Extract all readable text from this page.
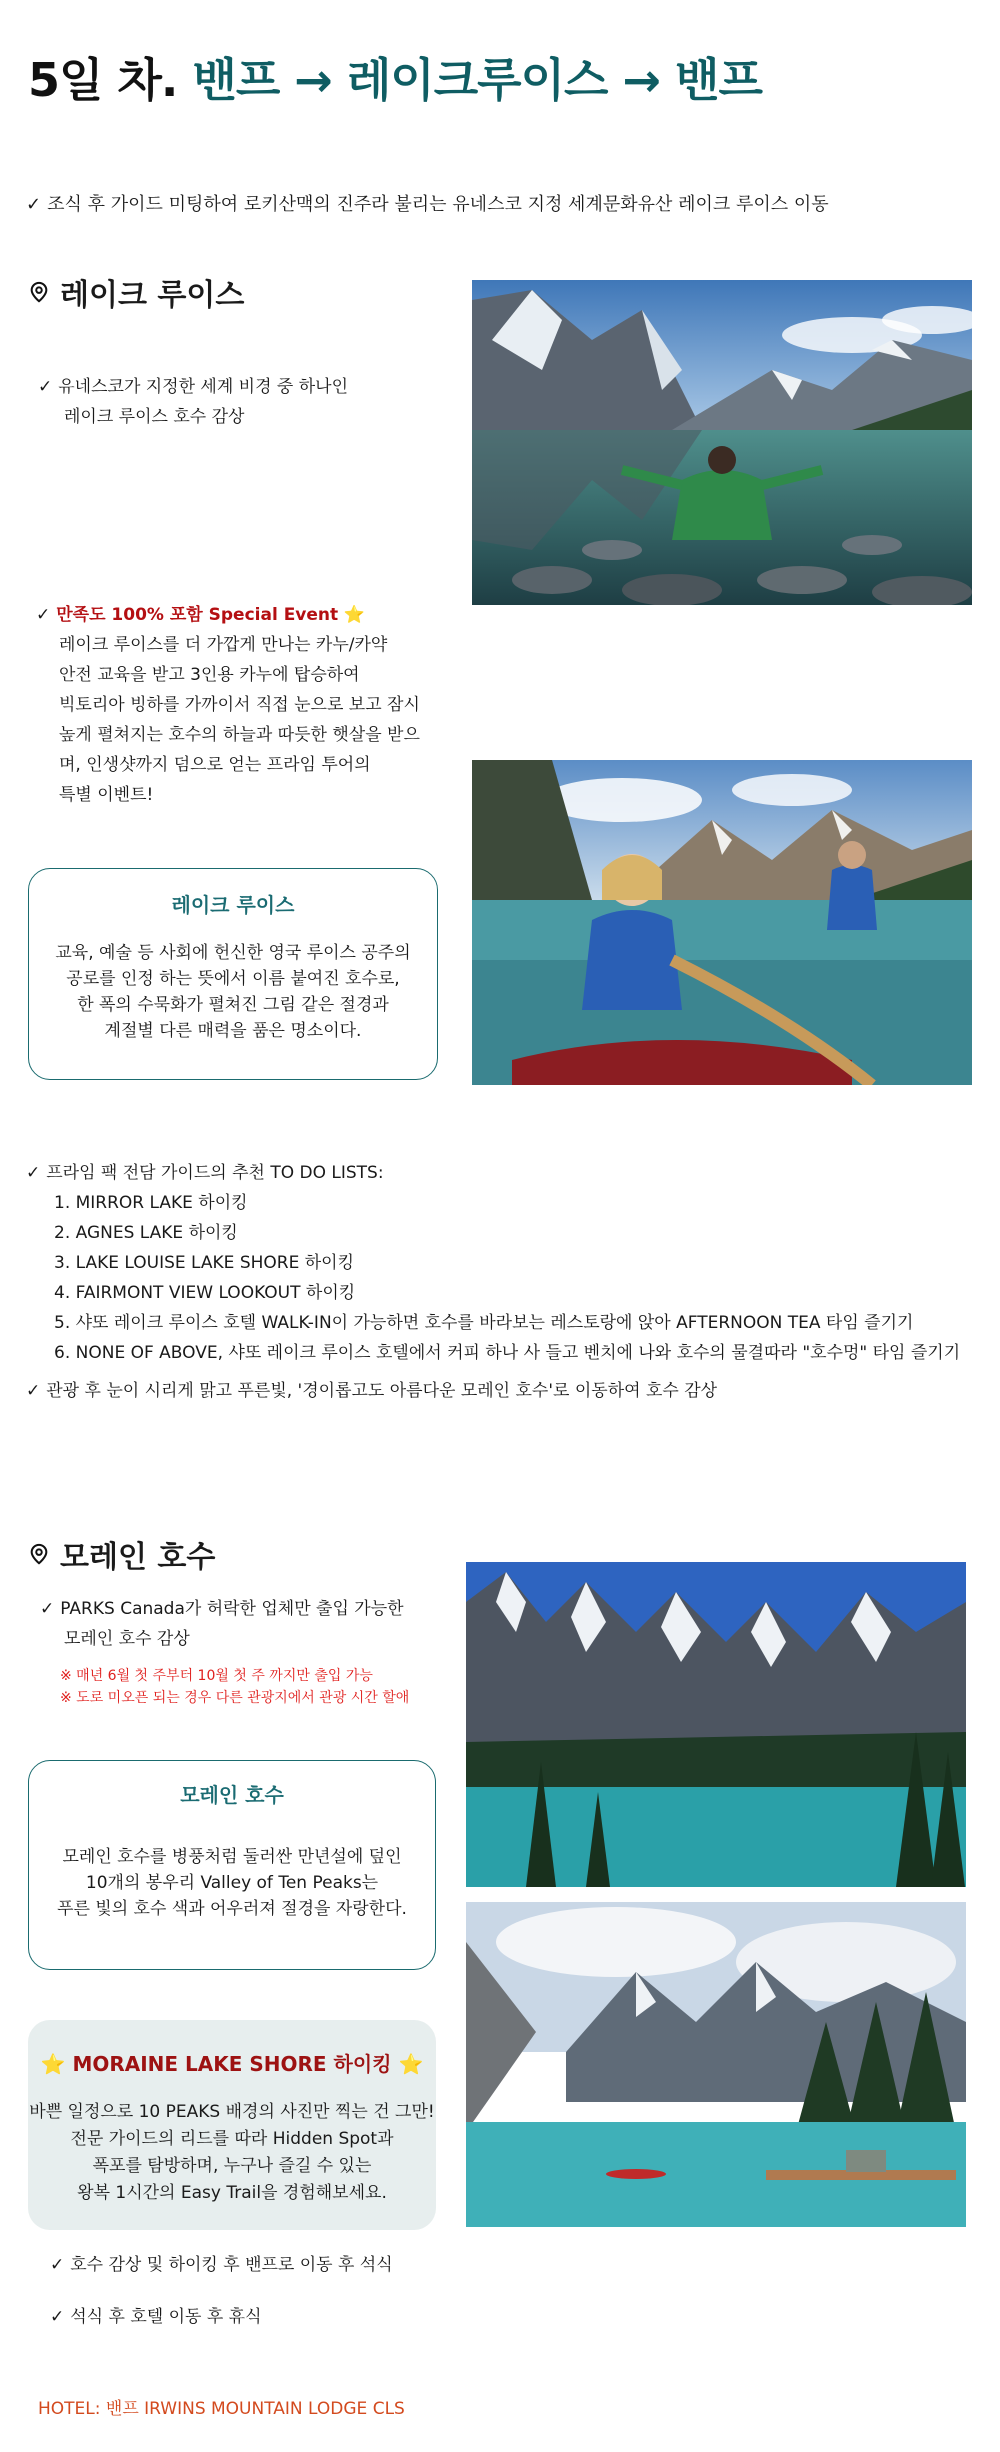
5일 차. 밴프 → 레이크루이스 → 밴프
✓ 조식 후 가이드 미팅하여 로키산맥의 진주라 불리는 유네스코 지정 세계문화유산 레이크 루이스 이동
레이크 루이스
✓ 유네스코가 지정한 세계 비경 중 하나인
레이크 루이스 호수 감상
✓ 만족도 100% 포함 Special Event ⭐
레이크 루이스를 더 가깝게 만나는 카누/카약
안전 교육을 받고 3인용 카누에 탑승하여
빅토리아 빙하를 가까이서 직접 눈으로 보고 잠시
높게 펼쳐지는 호수의 하늘과 따듯한 햇살을 받으
며, 인생샷까지 덤으로 얻는 프라임 투어의
특별 이벤트!
레이크 루이스

교육, 예술 등 사회에 헌신한 영국 루이스 공주의

공로를 인정 하는 뜻에서 이름 붙여진 호수로,

한 폭의 수묵화가 펼쳐진 그림 같은 절경과

계절별 다른 매력을 품은 명소이다.

✓ 프라임 팩 전담 가이드의 추천 TO DO LISTS:
1. MIRROR LAKE 하이킹
2. AGNES LAKE 하이킹
3. LAKE LOUISE LAKE SHORE 하이킹
4. FAIRMONT VIEW LOOKOUT 하이킹
5. 샤또 레이크 루이스 호텔 WALK-IN이 가능하면 호수를 바라보는 레스토랑에 앉아 AFTERNOON TEA 타임 즐기기
6. NONE OF ABOVE, 샤또 레이크 루이스 호텔에서 커피 하나 사 들고 벤치에 나와 호수의 물결따라 "호수멍" 타임 즐기기
✓ 관광 후 눈이 시리게 맑고 푸른빛, '경이롭고도 아름다운 모레인 호수'로 이동하여 호수 감상
모레인 호수
✓ PARKS Canada가 허락한 업체만 출입 가능한
모레인 호수 감상
※ 매년 6월 첫 주부터 10월 첫 주 까지만 출입 가능
※ 도로 미오픈 되는 경우 다른 관광지에서 관광 시간 할애
모레인 호수

모레인 호수를 병풍처럼 둘러싼 만년설에 덮인

10개의 봉우리 Valley of Ten Peaks는

푸른 빛의 호수 색과 어우러져 절경을 자랑한다.

⭐ MORAINE LAKE SHORE 하이킹 ⭐

바쁜 일정으로 10 PEAKS 배경의 사진만 찍는 건 그만!

전문 가이드의 리드를 따라 Hidden Spot과

폭포를 탐방하며, 누구나 즐길 수 있는

왕복 1시간의 Easy Trail을 경험해보세요.

✓ 호수 감상 및 하이킹 후 밴프로 이동 후 석식
✓ 석식 후 호텔 이동 후 휴식
HOTEL: 밴프 IRWINS MOUNTAIN LODGE CLS
